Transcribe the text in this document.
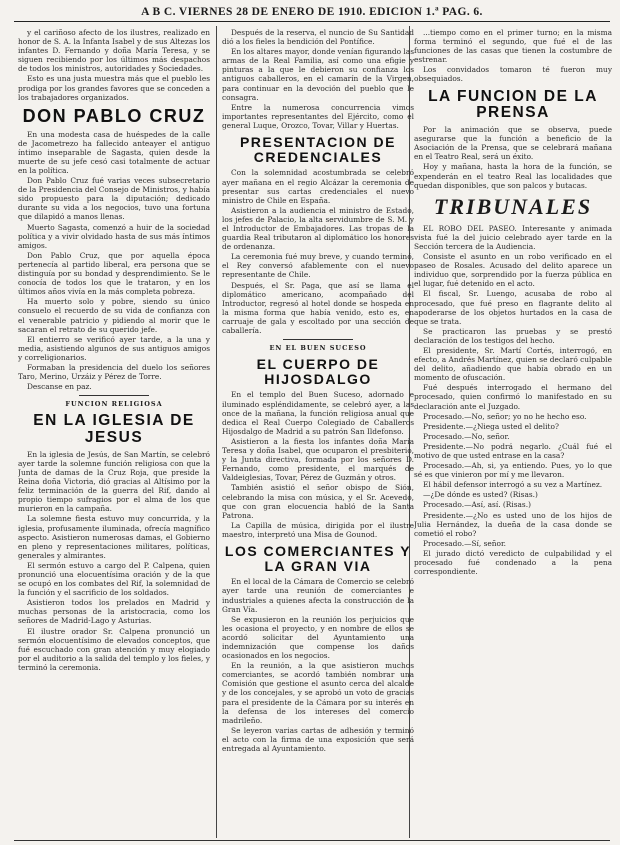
A B C. VIERNES 28 DE ENERO DE 1910. EDICION 1.ª PAG. 6.

y el cariñoso afecto de los ilustres, realizado en honor de S. A. la Infanta Isabel y de sus Altezas los infantes D. Fernando y doña María Teresa, y se siguen recibiendo por los últimos más despachos de todos los ministros, autoridades y Sociedades.

Esto es una justa muestra más que el pueblo les prodiga por los grandes favores que se conceden a los trabajadores organizados.

DON PABLO CRUZ

En una modesta casa de huéspedes de la calle de Jacometrezo ha fallecido anteayer el antiguo íntimo inseparable de Sagasta, quien desde la muerte de su jefe cesó casi totalmente de actuar en la política.

Don Pablo Cruz fué varias veces subsecretario de la Presidencia del Consejo de Ministros, y había sido propuesto para la diputación; dedicado durante su vida a los negocios, tuvo una fortuna que dilapidó a manos llenas.

Muerto Sagasta, comenzó a huir de la sociedad política y a vivir olvidado hasta de sus más íntimos amigos.

Don Pablo Cruz, que por aquella época pertenecía al partido liberal, era persona que se distinguía por su bondad y desprendimiento. Se le conocía de todos los que le trataron, y en los últimos años vivía en la más completa pobreza.

Ha muerto solo y pobre, siendo su único consuelo el recuerdo de su vida de confianza con el venerable patricio y pidiendo al morir que le sacaran el retrato de su querido jefe.

El entierro se verificó ayer tarde, a la una y media, asistiendo algunos de sus antiguos amigos y correligionarios.

Formaban la presidencia del duelo los señores Taro, Merino, Urzáiz y Pérez de Torre.

Descanse en paz.

FUNCION RELIGIOSA
EN LA IGLESIA DE JESUS

En la iglesia de Jesús, de San Martín, se celebró ayer tarde la solemne función religiosa con que la Junta de damas de la Cruz Roja, que preside la Reina doña Victoria, dió gracias al Altísimo por la feliz terminación de la guerra del Rif, dando al propio tiempo sufragios por el alma de los que murieron en la campaña.

La solemne fiesta estuvo muy concurrida, y la iglesia, profusamente iluminada, ofrecía magnífico aspecto. Asistieron numerosas damas, el Gobierno en pleno y representaciones militares, políticas, generales y almirantes.

El sermón estuvo a cargo del P. Calpena, quien pronunció una elocuentísima oración y de la que se ocupó en los combates del Rif, la solemnidad de la función y el sacrificio de los soldados.

Asistieron todos los prelados en Madrid y muchas personas de la aristocracia, como los señores de Madrid-Lago y Asturias.

El ilustre orador Sr. Calpena pronunció un sermón elocuentísimo de elevados conceptos, que fué escuchado con gran atención y muy elogiado por el auditorio a la salida del templo y los fieles, y terminó la ceremonia.

Después de la reserva, el nuncio de Su Santidad dió a los fieles la bendición del Pontífice.

En los altares mayor, donde venían figurando las armas de la Real Familia, así como una efigie y pinturas a la que le debieron su confianza los antiguos caballeros, en el camarín de la Virgen, para continuar en la devoción del pueblo que le consagra.

Entre la numerosa concurrencia vimos importantes representantes del Ejército, como el general Luque, Orozco, Tovar, Villar y Huertas.

PRESENTACION DE CREDENCIALES

Con la solemnidad acostumbrada se celebró ayer mañana en el regio Alcázar la ceremonia de presentar sus cartas credenciales el nuevo ministro de Chile en España.

Asistieron a la audiencia el ministro de Estado, los jefes de Palacio, la alta servidumbre de S. M. y el Introductor de Embajadores. Las tropas de la guardia Real tributaron al diplomático los honores de ordenanza.

La ceremonia fué muy breve, y cuando terminó, el Rey conversó afablemente con el nuevo representante de Chile.

Después, el Sr. Paga, que así se llama el diplomático americano, acompañado del Introductor, regresó al hotel donde se hospeda en la misma forma que había venido, esto es, en carruaje de gala y escoltado por una sección de caballería.

EN EL BUEN SUCESO
EL CUERPO DE HIJOSDALGO

En el templo del Buen Suceso, adornado e iluminado espléndidamente, se celebró ayer, a las once de la mañana, la función religiosa anual que dedica el Real Cuerpo Colegiado de Caballeros Hijosdalgo de Madrid a su patrón San Ildefonso.

Asistieron a la fiesta los infantes doña María Teresa y doña Isabel, que ocuparon el presbiterio, y la Junta directiva, formada por los señores D. Fernando, como presidente, el marqués de Valdeiglesias, Tovar, Pérez de Guzmán y otros.

También asistió el señor obispo de Sión, celebrando la misa con música, y el Sr. Acevedo, que con gran elocuencia habló de la Santa Patrona.

La Capilla de música, dirigida por el ilustre maestro, interpretó una Misa de Gounod.

LOS COMERCIANTES Y LA GRAN VIA

En el local de la Cámara de Comercio se celebró ayer tarde una reunión de comerciantes e industriales a quienes afecta la construcción de la Gran Vía.

Se expusieron en la reunión los perjuicios que les ocasiona el proyecto, y en nombre de ellos se acordó solicitar del Ayuntamiento una indemnización que compense los daños ocasionados en los negocios.

En la reunión, a la que asistieron muchos comerciantes, se acordó también nombrar una Comisión que gestione el asunto cerca del alcalde y de los concejales, y se aprobó un voto de gracias para el presidente de la Cámara por su interés en la defensa de los intereses del comercio madrileño.

Se leyeron varias cartas de adhesión y terminó el acto con la firma de una exposición que será entregada al Ayuntamiento.

...tiempo como en el primer turno; en la misma forma terminó el segundo, que fué el de las funciones de las casas que tienen la costumbre de estrenar.

Los convidados tomaron té fueron muy obsequiados.

LA FUNCION DE LA PRENSA

Por la animación que se observa, puede asegurarse que la función a beneficio de la Asociación de la Prensa, que se celebrará mañana en el Teatro Real, será un éxito.

Hoy y mañana, hasta la hora de la función, se expenderán en el teatro Real las localidades que quedan disponibles, que son palcos y butacas.

TRIBUNALES

EL ROBO DEL PASEO. Interesante y animada vista fué la del juicio celebrado ayer tarde en la Sección tercera de la Audiencia.

Consiste el asunto en un robo verificado en el paseo de Rosales. Acusado del delito aparece un individuo que, sorprendido por la fuerza pública en el lugar, fué detenido en el acto.

El fiscal, Sr. Luengo, acusaba de robo al procesado, que fué preso en flagrante delito al apoderarse de los objetos hurtados en la casa de que se trata.

Se practicaron las pruebas y se prestó declaración de los testigos del hecho.

El presidente, Sr. Martí Cortés, interrogó, en efecto, a Andrés Martínez, quien se declaró culpable del delito, añadiendo que había obrado en un momento de ofuscación.

Fué después interrogado el hermano del procesado, quien confirmó lo manifestado en su declaración ante el Juzgado.

Procesado.—No, señor; yo no he hecho eso.

Presidente.—¿Niega usted el delito?

Procesado.—No, señor.

Presidente.—No podrá negarlo. ¿Cuál fué el motivo de que usted entrase en la casa?

Procesado.—Ah, si, ya entiendo. Pues, yo lo que sé es que vinieron por mí y me llevaron.

El hábil defensor interrogó a su vez a Martínez.

—¿De dónde es usted? (Risas.)

Procesado.—Así, así. (Risas.)

Presidente.—¿No es usted uno de los hijos de Julia Hernández, la dueña de la casa donde se cometió el robo?

Procesado.—Sí, señor.

El jurado dictó veredicto de culpabilidad y el procesado fué condenado a la pena correspondiente.
